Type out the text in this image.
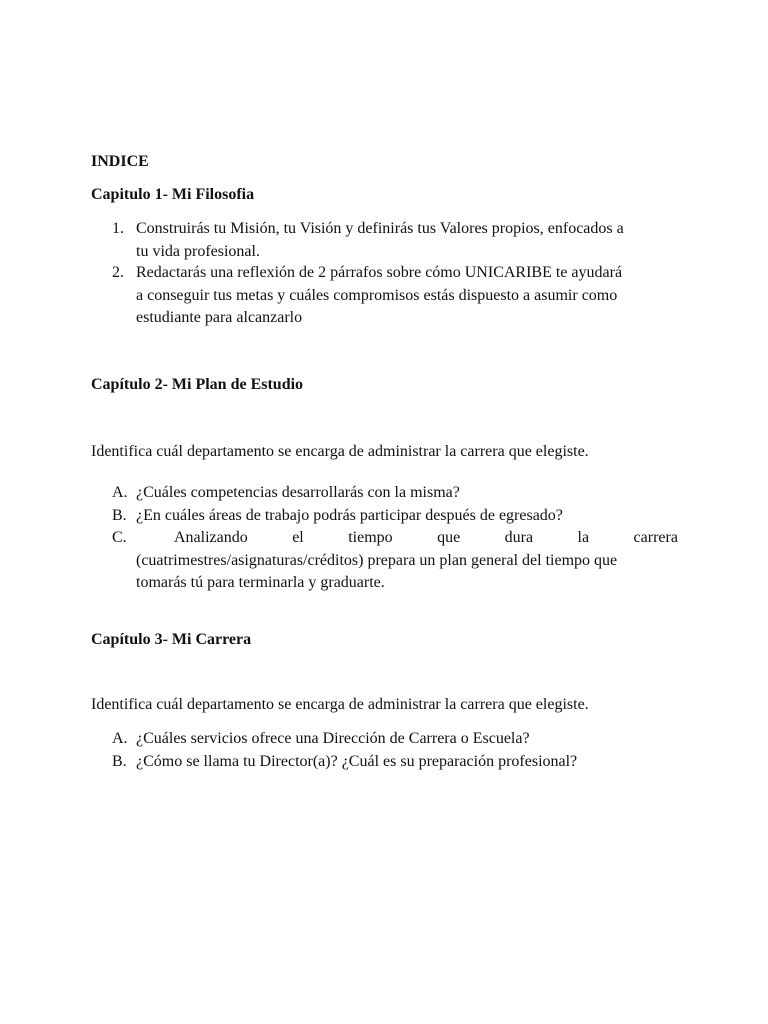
INDICE
Capitulo 1- Mi Filosofia
1. Construirás tu Misión, tu Visión y definirás tus Valores propios, enfocados a
tu vida profesional.
2. Redactarás una reflexión de 2 párrafos sobre cómo UNICARIBE te ayudará
a conseguir tus metas y cuáles compromisos estás dispuesto a asumir como
estudiante para alcanzarlo
Capítulo 2- Mi Plan de Estudio
Identifica cuál departamento se encarga de administrar la carrera que elegiste.
A. ¿Cuáles competencias desarrollarás con la misma?
B. ¿En cuáles áreas de trabajo podrás participar después de egresado?
C.	Analizando	el	tiempo	que	dura	la	carrera
(cuatrimestres/asignaturas/créditos) prepara un plan general del tiempo que
tomarás tú para terminarla y graduarte.
Capítulo 3- Mi Carrera
Identifica cuál departamento se encarga de administrar la carrera que elegiste.
A. ¿Cuáles servicios ofrece una Dirección de Carrera o Escuela?
B. ¿Cómo se llama tu Director(a)? ¿Cuál es su preparación profesional?
